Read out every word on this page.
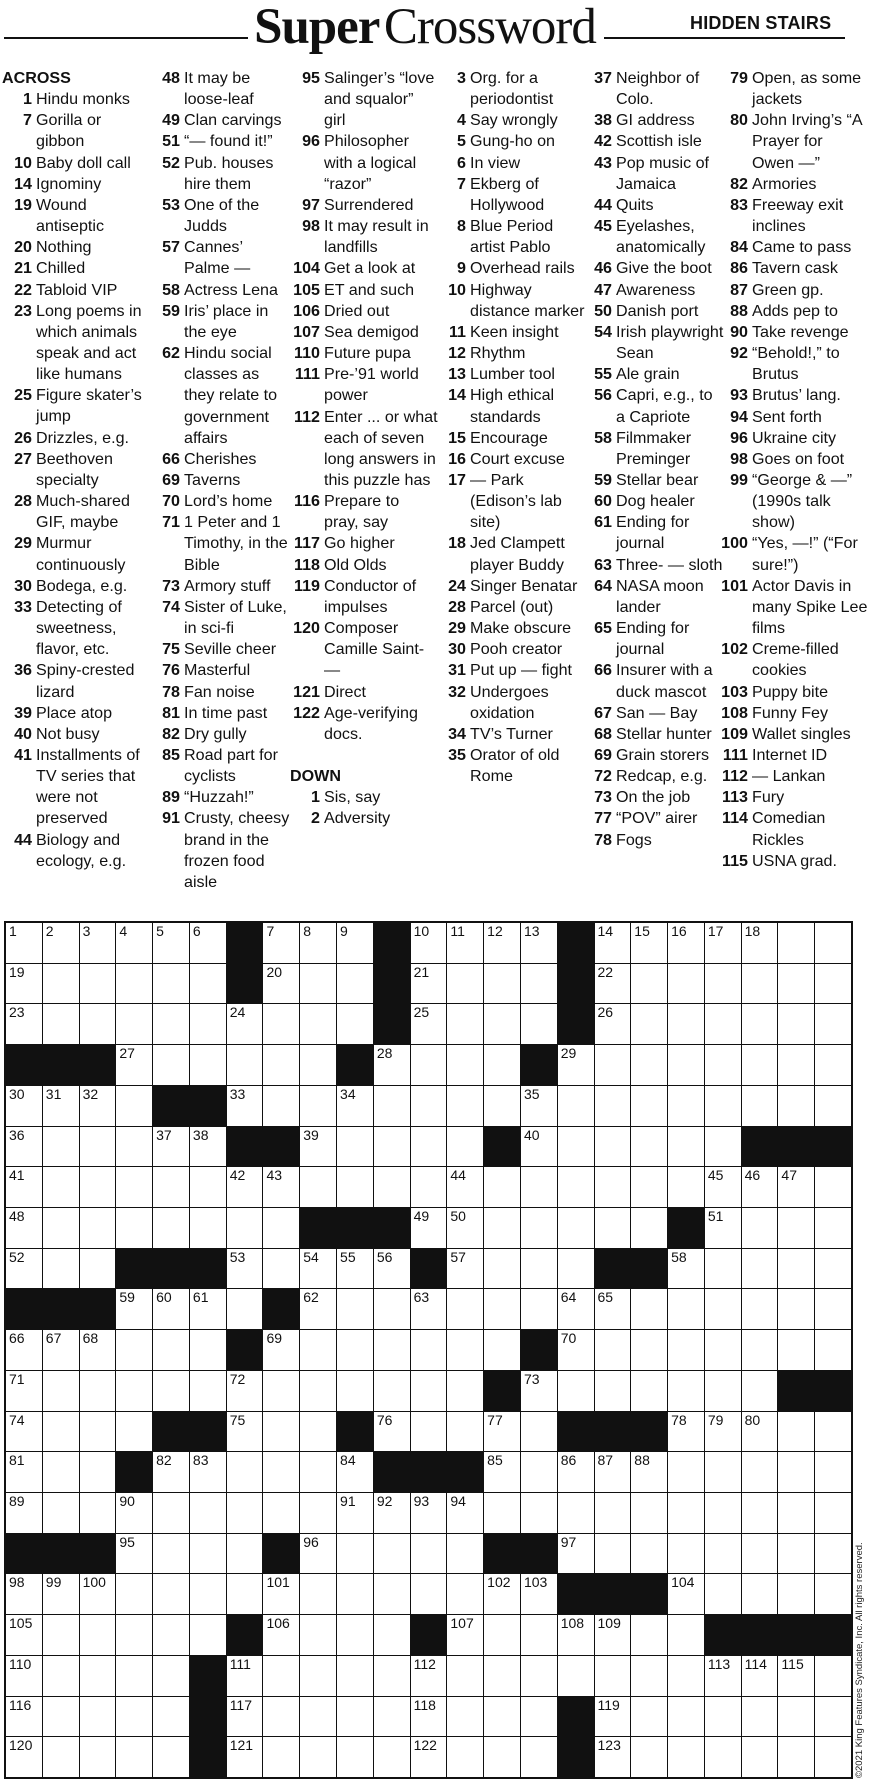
Super Crossword	HIDDEN STAIRS
ACROSS
1 Hindu monks
7 Gorilla or gibbon
10 Baby doll call
14 Ignominy
19 Wound antiseptic
20 Nothing
21 Chilled
22 Tabloid VIP
23 Long poems in which animals speak and act like humans
25 Figure skater’s jump
26 Drizzles, e.g.
27 Beethoven specialty
28 Much-shared GIF, maybe
29 Murmur continuously
30 Bodega, e.g.
33 Detecting of sweetness, flavor, etc.
36 Spiny-crested lizard
39 Place atop
40 Not busy
41 Installments of TV series that were not preserved
44 Biology and ecology, e.g.
48 It may be loose-leaf
49 Clan carvings
51 “— found it!”
52 Pub. houses hire them
53 One of the Judds
57 Cannes’ Palme —
58 Actress Lena
59 Iris’ place in the eye
62 Hindu social classes as they relate to government affairs
66 Cherishes
69 Taverns
70 Lord’s home
71 1 Peter and 1 Timothy, in the Bible
73 Armory stuff
74 Sister of Luke, in sci-fi
75 Seville cheer
76 Masterful
78 Fan noise
81 In time past
82 Dry gully
85 Road part for cyclists
89 “Huzzah!”
91 Crusty, cheesy brand in the frozen food aisle
95 Salinger’s “love and squalor” girl
96 Philosopher with a logical “razor”
97 Surrendered
98 It may result in landfills
104 Get a look at
105 ET and such
106 Dried out
107 Sea demigod
110 Future pupa
111 Pre-’91 world power
112 Enter ... or what each of seven long answers in this puzzle has
116 Prepare to pray, say
117 Go higher
118 Old Olds
119 Conductor of impulses
120 Composer Camille Saint- —
121 Direct
122 Age-verifying docs.
DOWN
1 Sis, say
2 Adversity
3 Org. for a periodontist
4 Say wrongly
5 Gung-ho on
6 In view
7 Ekberg of Hollywood
8 Blue Period artist Pablo
9 Overhead rails
10 Highway distance marker
11 Keen insight
12 Rhythm
13 Lumber tool
14 High ethical standards
15 Encourage
16 Court excuse
17 — Park (Edison’s lab site)
18 Jed Clampett player Buddy
24 Singer Benatar
28 Parcel (out)
29 Make obscure
30 Pooh creator
31 Put up — fight
32 Undergoes oxidation
34 TV’s Turner
35 Orator of old Rome
37 Neighbor of Colo.
38 GI address
42 Scottish isle
43 Pop music of Jamaica
44 Quits
45 Eyelashes, anatomically
46 Give the boot
47 Awareness
50 Danish port
54 Irish playwright Sean
55 Ale grain
56 Capri, e.g., to a Capriote
58 Filmmaker Preminger
59 Stellar bear
60 Dog healer
61 Ending for journal
63 Three- — sloth
64 NASA moon lander
65 Ending for journal
66 Insurer with a duck mascot
67 San — Bay
68 Stellar hunter
69 Grain storers
72 Redcap, e.g.
73 On the job
77 “POV” airer
78 Fogs
79 Open, as some jackets
80 John Irving’s “A Prayer for Owen —”
82 Armories
83 Freeway exit inclines
84 Came to pass
86 Tavern cask
87 Green gp.
88 Adds pep to
90 Take revenge
92 “Behold!,” to Brutus
93 Brutus’ lang.
94 Sent forth
96 Ukraine city
98 Goes on foot
99 “George & —” (1990s talk show)
100 “Yes, —!” (“For sure!”)
101 Actor Davis in many Spike Lee films
102 Creme-filled cookies
103 Puppy bite
108 Funny Fey
109 Wallet singles
111 Internet ID
112 — Lankan
113 Fury
114 Comedian Rickles
115 USNA grad.
1 2 3 4 5 6	7 8 9	10 11 12 13	14 15 16 17 18
19	20	21	22
23	24	25	26
27	28	29
30 31 32	33	34	35
36	37 38	39	40
41	42 43	44	45 46 47
48	49 50	51
52	53	54 55 56	57	58
59 60 61	62	63	64 65
66 67 68	69	70
71	72	73
74	75	76	77	78 79 80
81	82 83	84	85	86 87 88
89	90	91 92 93 94
95	96	97
98 99 100	101	102 103	104
105	106	107	108 109
110	111	112	113 114 115
116	117	118	119
120	121	122	123	©2021 King Features Syndicate, Inc. All rights reserved.
